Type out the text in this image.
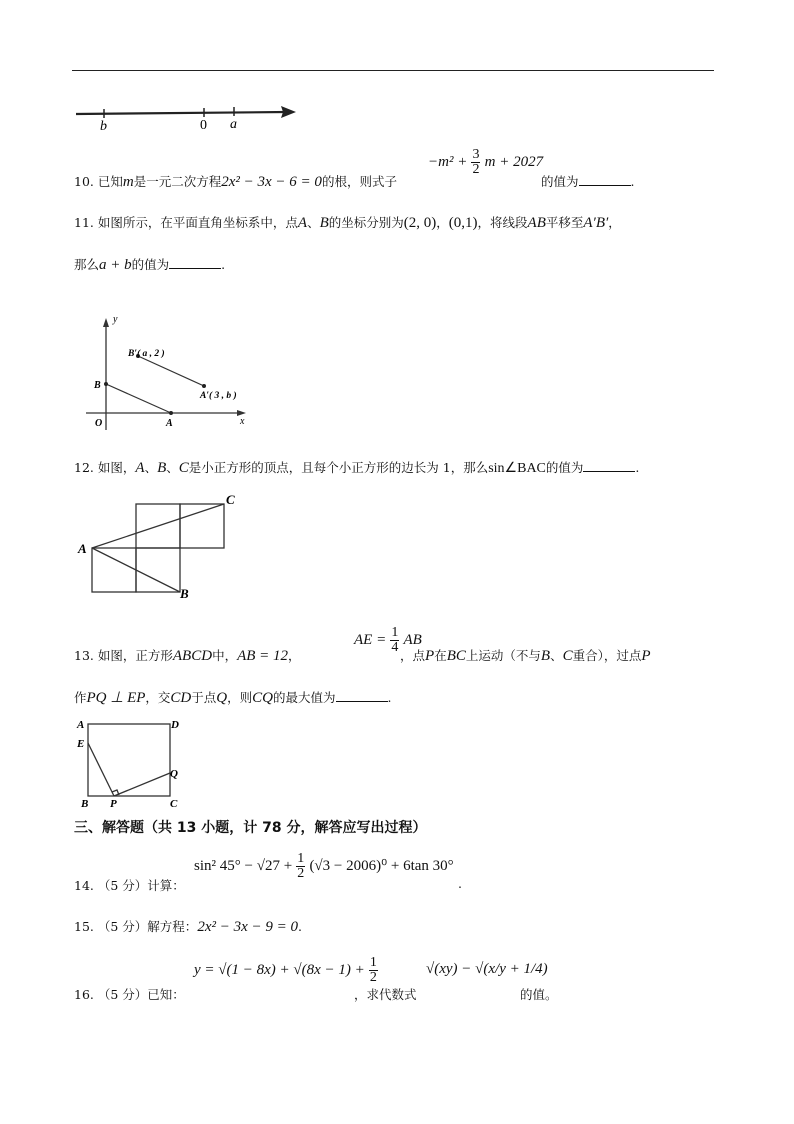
b	0 a
10. 已知m是一元二次方程2x² − 3x − 6 = 0的根，则式子
$-m^2 + \frac{3}{2}$ m + 2027
的值为	.
11. 如图所示，在平面直角坐标系中，点A、B的坐标分别为(2, 0)，(0,1)，将线段AB平移至A′B′，
那么a + b的值为	.
y
x
O
B
A
B′( a , 2 )
A′( 3 , b )
12. 如图，A、B、C是小正方形的顶点，且每个小正方形的边长为 1，那么sin∠BAC的值为	.
A
B
C
13. 如图，正方形ABCD中，AB = 12，
AE = $\frac{1}{4}$ AB
，点P在BC上运动（不与B、C重合），过点P
作PQ ⊥ EP，交CD于点Q，则CQ的最大值为	.
A	D
E
Q
B P	C
三、解答题（共 13 小题，计 78 分，解答应写出过程）
14. （5 分）计算：
sin² $45^\circ - √27 + \frac{1}{2} (√3 - 2006)^0 + 6\tan$ 30°
.
15. （5 分）解方程：2x² − 3x − 9 = 0.
16. （5 分）已知：
$y = √(1 - 8x) + √(8x - 1) + \frac{1}{2}$
，求代数式
√(xy) − √(x/y + 1/4)
的值。
